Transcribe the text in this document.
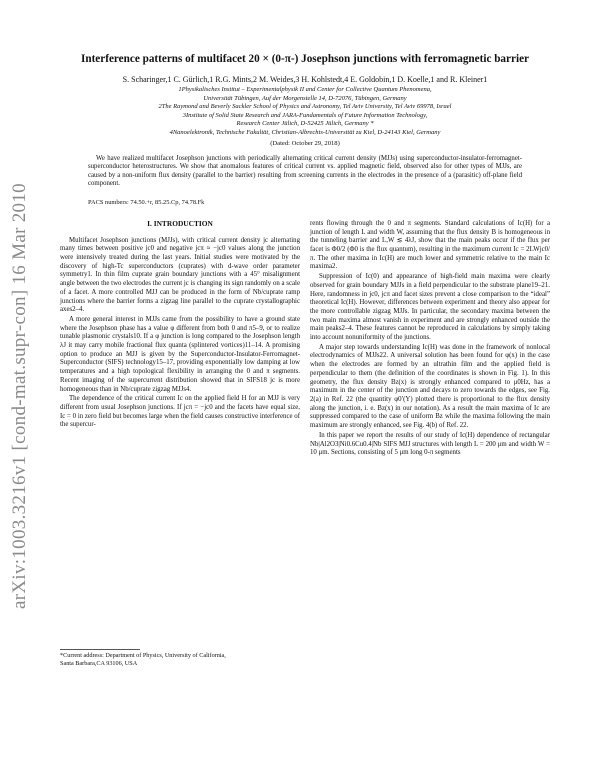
arXiv:1003.3216v1 [cond-mat.supr-con] 16 Mar 2010
Interference patterns of multifacet 20 × (0-π-) Josephson junctions with ferromagnetic barrier
S. Scharinger,1 C. Gürlich,1 R.G. Mints,2 M. Weides,3 H. Kohlstedt,4 E. Goldobin,1 D. Koelle,1 and R. Kleiner1
1Physikalisches Institut – Experimentalphysik II and Center for Collective Quantum Phenomena,
Universität Tübingen, Auf der Morgenstelle 14, D-72076, Tübingen, Germany
2The Raymond and Beverly Sackler School of Physics and Astronomy, Tel Aviv University, Tel Aviv 69978, Israel
3Institute of Solid State Research and JARA-Fundamentals of Future Information Technology,
Research Center Jülich, D-52425 Jülich, Germany *
4Nanoelektronik, Technische Fakultät, Christian-Albrechts-Universität zu Kiel, D-24143 Kiel, Germany
(Dated: October 29, 2018)
We have realized multifacet Josephson junctions with periodically alternating critical current density (MJJs) using superconductor-insulator-ferromagnet-superconductor heterostructures. We show that anomalous features of critical current vs. applied magnetic field, observed also for other types of MJJs, are caused by a non-uniform flux density (parallel to the barrier) resulting from screening currents in the electrodes in the presence of a (parasitic) off-plane field component.
PACS numbers: 74.50.+r, 85.25.Cp, 74.78.Fk
I. INTRODUCTION

Multifacet Josephson junctions (MJJs), with critical current density jc alternating many times between positive jc0 and negative jcπ ≈ −jc0 values along the junction were intensively treated during the last years. Initial studies were motivated by the discovery of high-Tc superconductors (cuprates) with d-wave order parameter symmetry1. In thin film cuprate grain boundary junctions with a 45° misalignment angle between the two electrodes the current jc is changing its sign randomly on a scale of a facet. A more controlled MJJ can be produced in the form of Nb/cuprate ramp junctions where the barrier forms a zigzag line parallel to the cuprate crystallographic axes2–4.

A more general interest in MJJs came from the possibility to have a ground state where the Josephson phase has a value φ different from both 0 and π5–9, or to realize tunable plasmonic crystals10. If a φ junction is long compared to the Josephson length λJ it may carry mobile fractional flux quanta (splintered vortices)11–14. A promising option to produce an MJJ is given by the Superconductor-Insulator-Ferromagnet-Superconductor (SIFS) technology15–17, providing exponentially low damping at low temperatures and a high topological flexibility in arranging the 0 and π segments. Recent imaging of the supercurrent distribution showed that in SIFS18 jc is more homogeneous than in Nb/cuprate zigzag MJJs4.

The dependence of the critical current Ic on the applied field H for an MJJ is very different from usual Josephson junctions. If jcπ = −jc0 and the facets have equal size, Ic = 0 in zero field but becomes large when the field causes constructive interference of the supercur-

*Current address: Department of Physics, University of California,
Santa Barbara,CA 93106, USA

rents flowing through the 0 and π segments. Standard calculations of Ic(H) for a junction of length L and width W, assuming that the flux density B is homogeneous in the tunneling barrier and L,W ≲ 4λJ, show that the main peaks occur if the flux per facet is Φ0/2 (Φ0 is the flux quantum), resulting in the maximum current Ic = 2LWjc0/π. The other maxima in Ic(H) are much lower and symmetric relative to the main Ic maxima2.

Suppression of Ic(0) and appearance of high-field main maxima were clearly observed for grain boundary MJJs in a field perpendicular to the substrate plane19–21. Here, randomness in jc0, jcπ and facet sizes prevent a close comparison to the “ideal” theoretical Ic(H). However, differences between experiment and theory also appear for the more controllable zigzag MJJs. In particular, the secondary maxima between the two main maxima almost vanish in experiment and are strongly enhanced outside the main peaks2–4. These features cannot be reproduced in calculations by simply taking into account nonuniformity of the junctions.

A major step towards understanding Ic(H) was done in the framework of nonlocal electrodynamics of MJJs22. A universal solution has been found for φ(x) in the case when the electrodes are formed by an ultrathin film and the applied field is perpendicular to them (the definition of the coordinates is shown in Fig. 1). In this geometry, the flux density Bz(x) is strongly enhanced compared to μ0Hz, has a maximum in the center of the junction and decays to zero towards the edges, see Fig. 2(a) in Ref. 22 (the quantity φ0′(Y) plotted there is proportional to the flux density along the junction, i. e. Bz(x) in our notation). As a result the main maxima of Ic are suppressed compared to the case of uniform Bz while the maxima following the main maximum are strongly enhanced, see Fig. 4(b) of Ref. 22.

In this paper we report the results of our study of Ic(H) dependence of rectangular Nb|Al2O3|Ni0.6Cu0.4|Nb SIFS MJJ structures with length L = 200 μm and width W = 10 μm. Sections, consisting of 5 μm long 0-π segments
